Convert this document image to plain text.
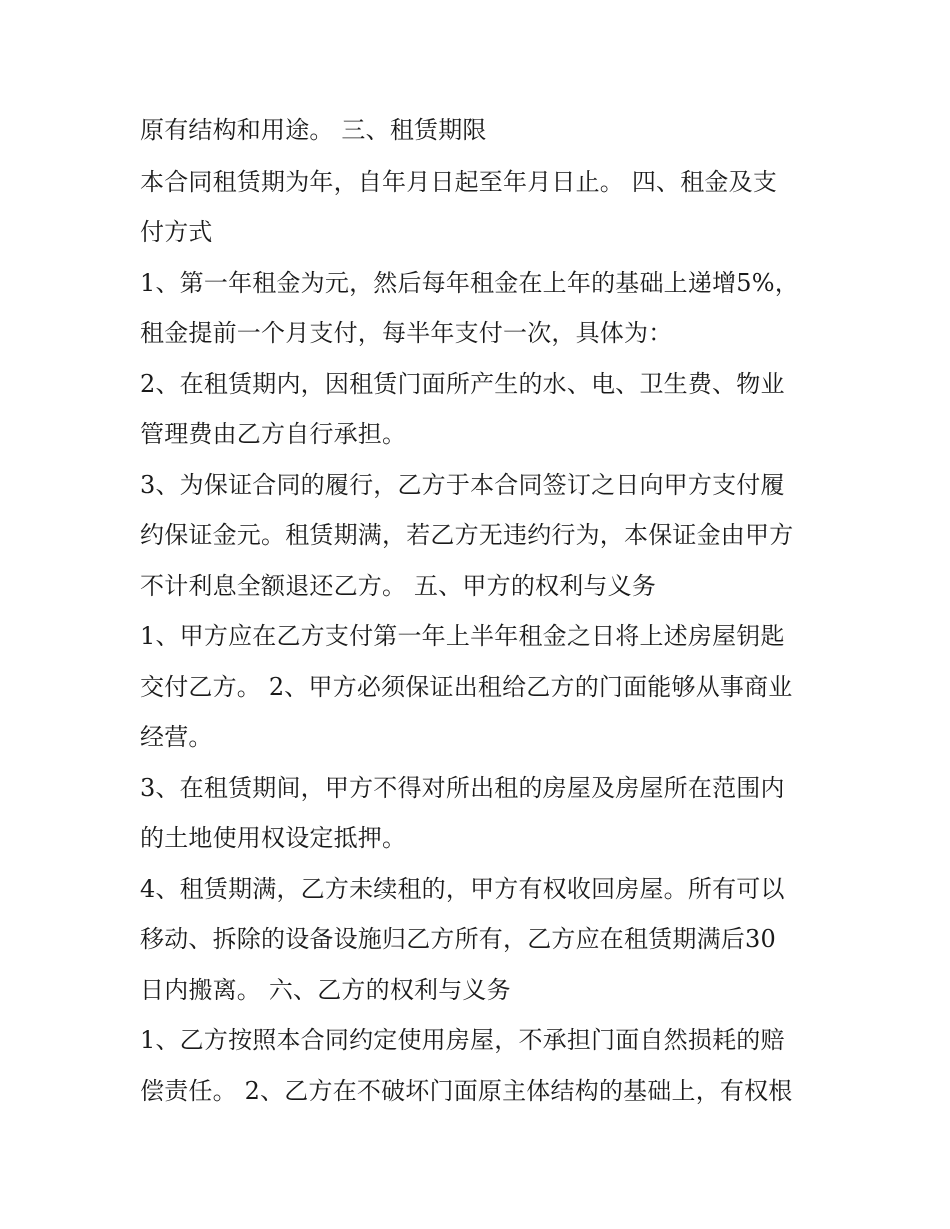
原有结构和用途。 三、租赁期限
本合同租赁期为年，自年月日起至年月日止。 四、租金及支
付方式
1、第一年租金为元，然后每年租金在上年的基础上递增5%，
租金提前一个月支付，每半年支付一次，具体为：
2、在租赁期内，因租赁门面所产生的水、电、卫生费、物业
管理费由乙方自行承担。
3、为保证合同的履行，乙方于本合同签订之日向甲方支付履
约保证金元。租赁期满，若乙方无违约行为，本保证金由甲方
不计利息全额退还乙方。 五、甲方的权利与义务
1、甲方应在乙方支付第一年上半年租金之日将上述房屋钥匙
交付乙方。 2、甲方必须保证出租给乙方的门面能够从事商业
经营。
3、在租赁期间，甲方不得对所出租的房屋及房屋所在范围内
的土地使用权设定抵押。
4、租赁期满，乙方未续租的，甲方有权收回房屋。所有可以
移动、拆除的设备设施归乙方所有，乙方应在租赁期满后30
日内搬离。 六、乙方的权利与义务
1、乙方按照本合同约定使用房屋，不承担门面自然损耗的赔
偿责任。 2、乙方在不破坏门面原主体结构的基础上，有权根
